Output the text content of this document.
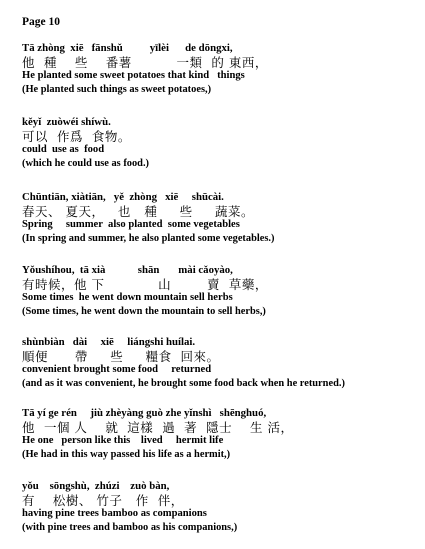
Page 10
Tā zhòng  xiē   fānshǔ          yīlèi      de dōngxi,
他  種    些    番薯          一類  的 東西，
He planted some sweet potatoes that kind   things
(He planted such things as sweet potatoes,)
kěyǐ  zuòwéi shíwù.
可以  作爲  食物。
could  use as  food
(which he could use as food.)
Chūntiān, xiàtiān,   yě  zhòng   xiē     shūcài.
春天、 夏天，   也   種     些     蔬菜。
Spring     summer  also planted  some vegetables
(In spring and summer, he also planted some vegetables.)
Yǒushíhou,  tā xià            shān       mài cǎoyào,
有時候，他 下            山        賣  草藥，
Some times  he went down mountain sell herbs
(Some times, he went down the mountain to sell herbs,)
shùnbiàn   dài     xiē     liángshi huílai.
順便      帶     些     糧食  回來。
convenient brought some food     returned
(and as it was convenient, he brought some food back when he returned.)
Tā yí ge rén     jiù zhèyàng guò zhe yǐnshì   shēnghuó,
他  一個 人    就  這樣  過  著  隱士    生 活，
He one   person like this    lived     hermit life
(He had in this way passed his life as a hermit,)
yǒu    sōngshù,  zhúzi    zuò bàn,
有    松樹、 竹子   作  伴，
having pine trees bamboo as companions
(with pine trees and bamboo as his companions,)
